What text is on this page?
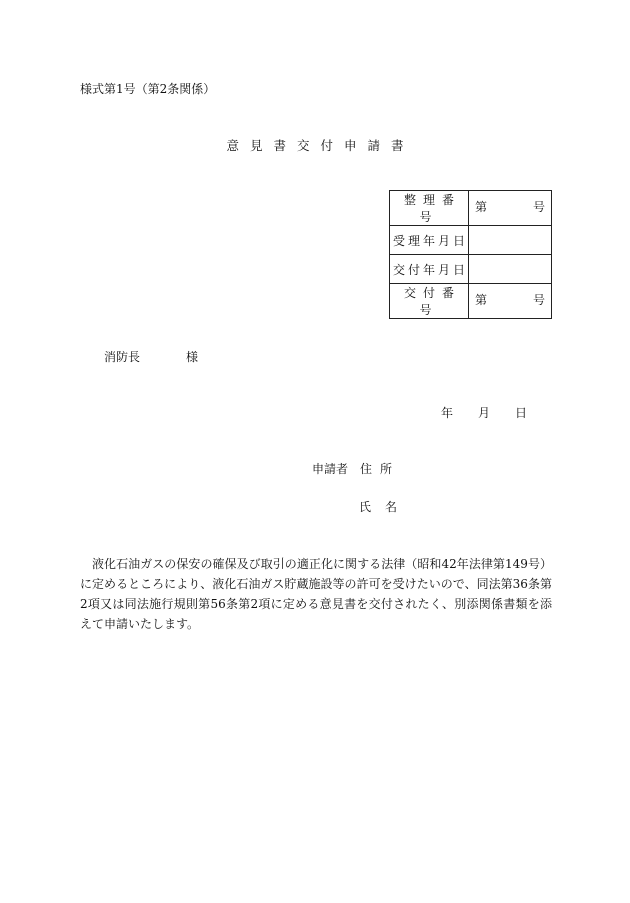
様式第1号（第2条関係）
意見書交付申請書
整理番号	第 号

受理年月日	

交付年月日	

交付番号	第 号
消防長	様
年 月 日
申請者 住所
氏名

液化石油ガスの保安の確保及び取引の適正化に関する法律（昭和42年法律第149号）に定めるところにより、液化石油ガス貯蔵施設等の許可を受けたいので、同法第36条第2項又は同法施行規則第56条第2項に定める意見書を交付されたく、別添関係書類を添えて申請いたします。
